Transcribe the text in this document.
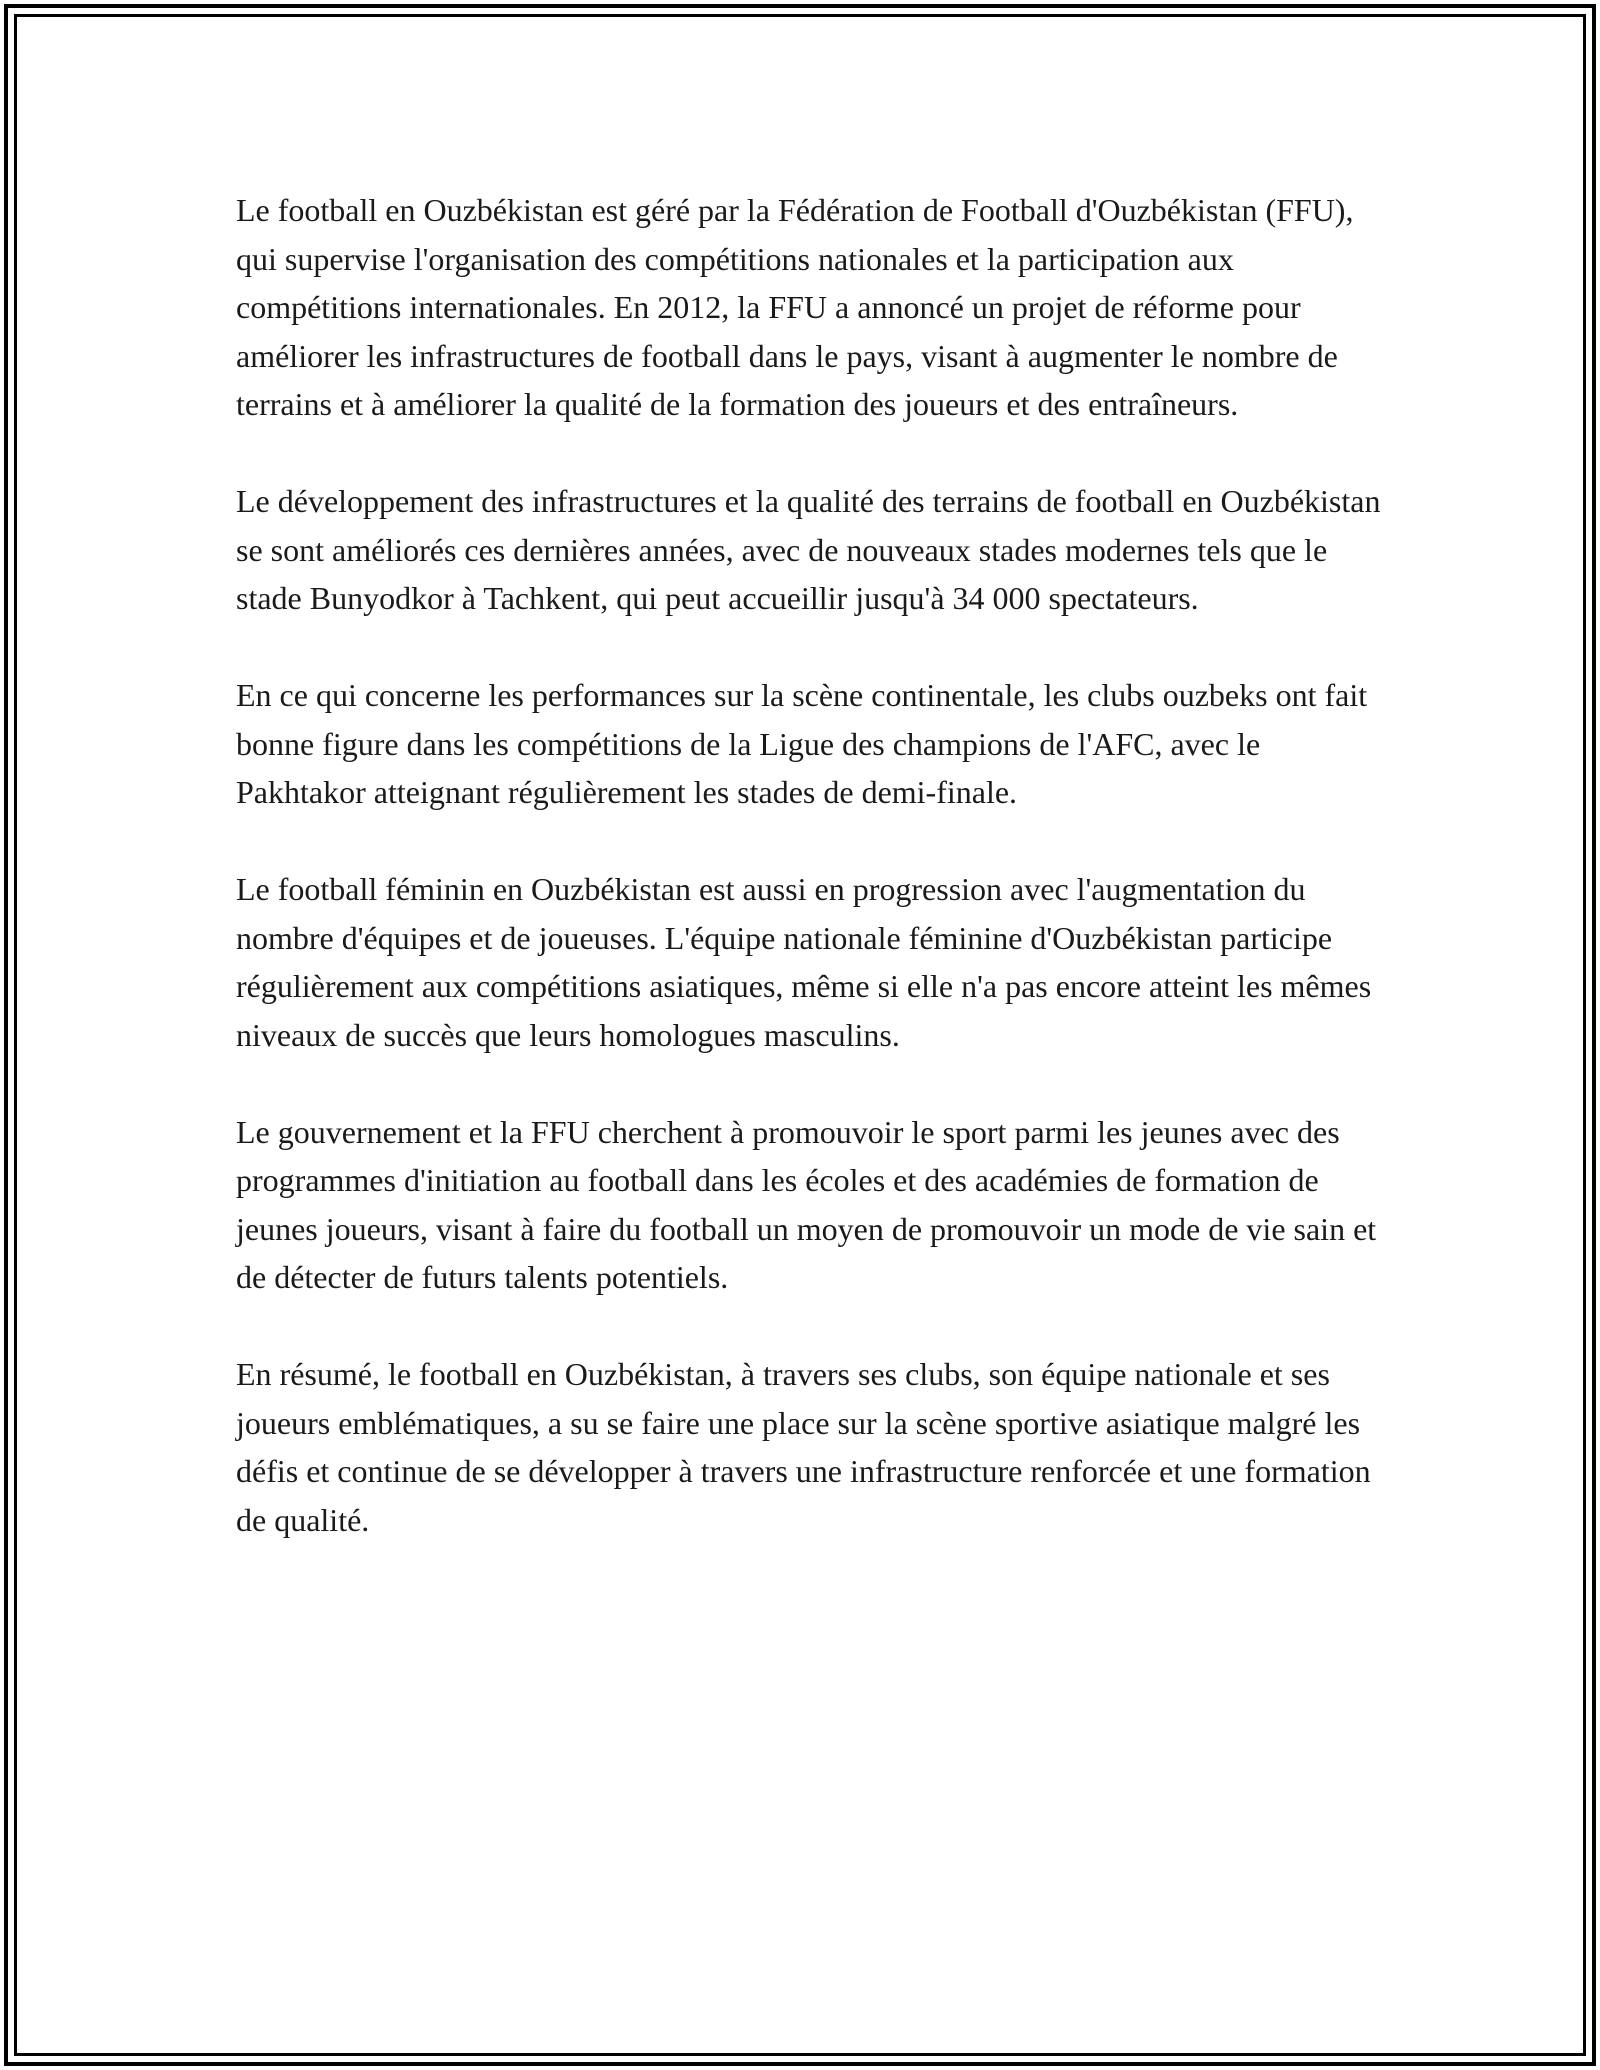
Le football en Ouzbékistan est géré par la Fédération de Football d'Ouzbékistan (FFU), qui supervise l'organisation des compétitions nationales et la participation aux compétitions internationales. En 2012, la FFU a annoncé un projet de réforme pour améliorer les infrastructures de football dans le pays, visant à augmenter le nombre de terrains et à améliorer la qualité de la formation des joueurs et des entraîneurs.

Le développement des infrastructures et la qualité des terrains de football en Ouzbékistan se sont améliorés ces dernières années, avec de nouveaux stades modernes tels que le stade Bunyodkor à Tachkent, qui peut accueillir jusqu'à 34 000 spectateurs.

En ce qui concerne les performances sur la scène continentale, les clubs ouzbeks ont fait bonne figure dans les compétitions de la Ligue des champions de l'AFC, avec le Pakhtakor atteignant régulièrement les stades de demi-finale.

Le football féminin en Ouzbékistan est aussi en progression avec l'augmentation du nombre d'équipes et de joueuses. L'équipe nationale féminine d'Ouzbékistan participe régulièrement aux compétitions asiatiques, même si elle n'a pas encore atteint les mêmes niveaux de succès que leurs homologues masculins.

Le gouvernement et la FFU cherchent à promouvoir le sport parmi les jeunes avec des programmes d'initiation au football dans les écoles et des académies de formation de jeunes joueurs, visant à faire du football un moyen de promouvoir un mode de vie sain et de détecter de futurs talents potentiels.

En résumé, le football en Ouzbékistan, à travers ses clubs, son équipe nationale et ses joueurs emblématiques, a su se faire une place sur la scène sportive asiatique malgré les défis et continue de se développer à travers une infrastructure renforcée et une formation de qualité.
